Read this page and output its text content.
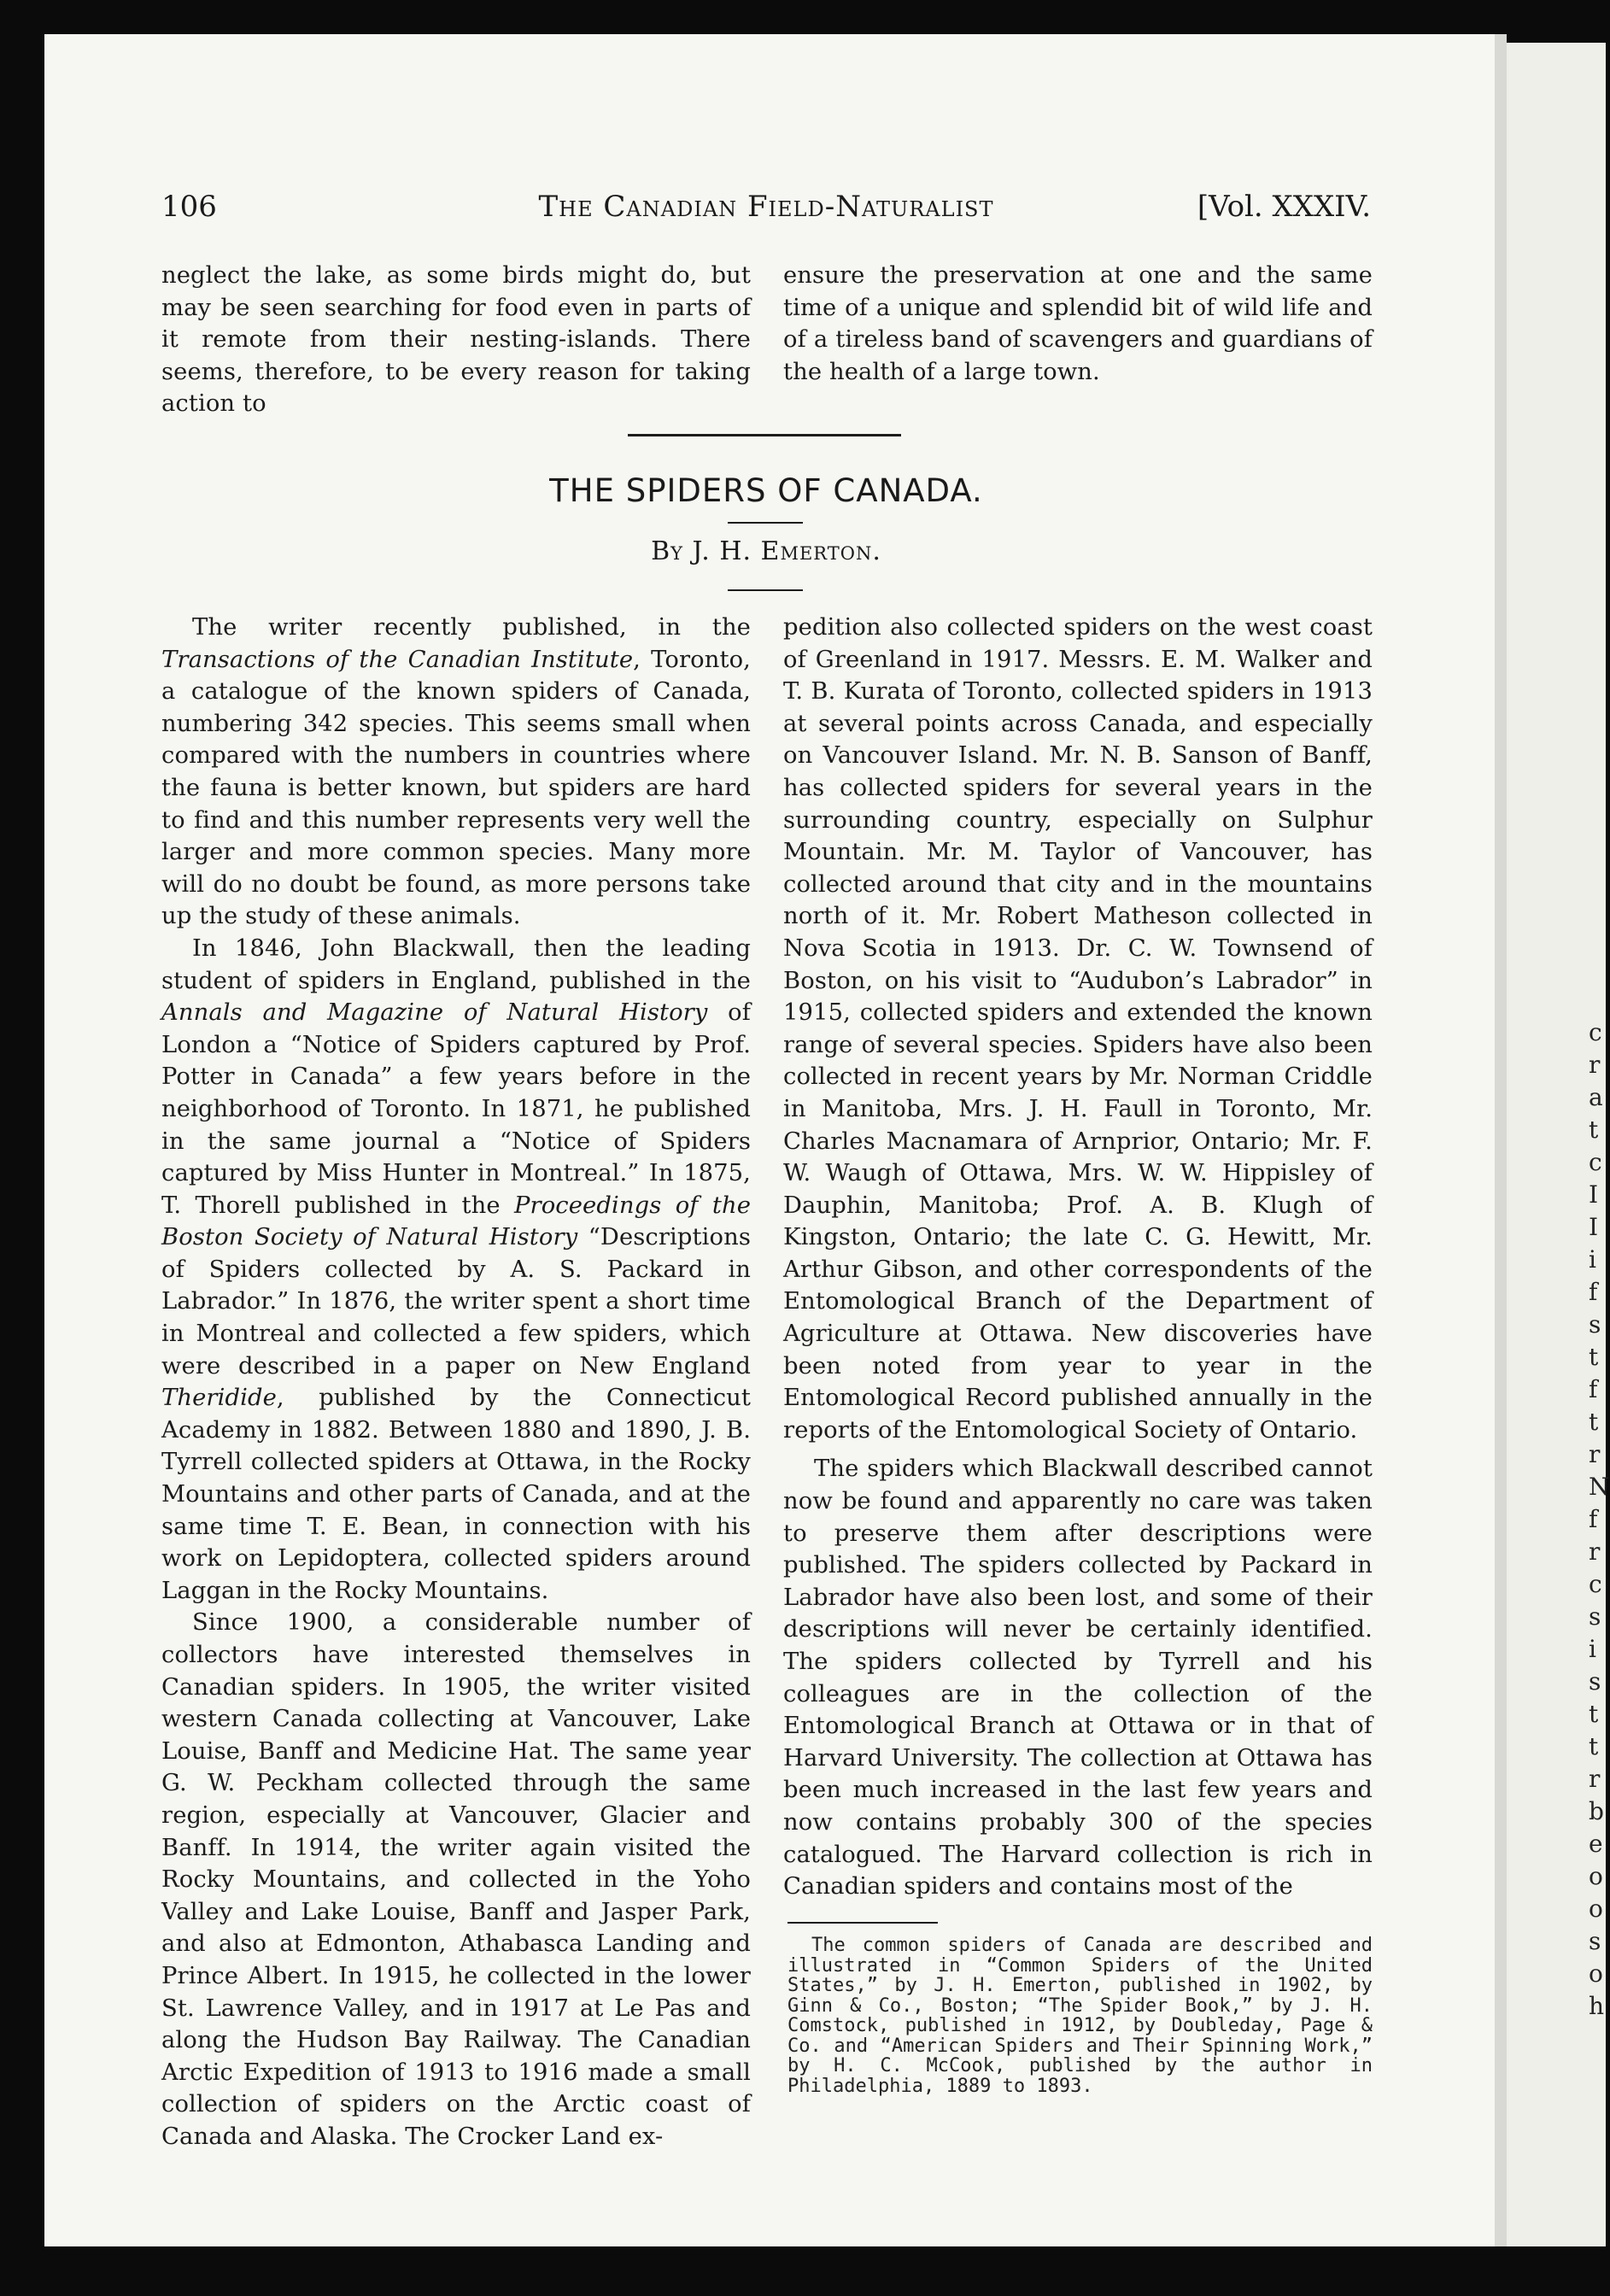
106	The Canadian Field-Naturalist	[Vol. XXXIV.

neglect the lake, as some birds might do, but may be seen searching for food even in parts of it remote from their nesting-islands. There seems, therefore, to be every reason for taking action to

ensure the preservation at one and the same time of a unique and splendid bit of wild life and of a tireless band of scavengers and guardians of the health of a large town.

THE SPIDERS OF CANADA.
By J. H. Emerton.

The writer recently published, in the Transactions of the Canadian Institute, Toronto, a catalogue of the known spiders of Canada, numbering 342 species. This seems small when compared with the numbers in countries where the fauna is better known, but spiders are hard to find and this number represents very well the larger and more common species. Many more will do no doubt be found, as more persons take up the study of these animals.

In 1846, John Blackwall, then the leading student of spiders in England, published in the Annals and Magazine of Natural History of London a “Notice of Spiders captured by Prof. Potter in Canada” a few years before in the neighborhood of Toronto. In 1871, he published in the same journal a “Notice of Spiders captured by Miss Hunter in Montreal.” In 1875, T. Thorell published in the Proceedings of the Boston Society of Natural History “Descriptions of Spiders collected by A. S. Packard in Labrador.” In 1876, the writer spent a short time in Montreal and collected a few spiders, which were described in a paper on New England Theridide, published by the Connecticut Academy in 1882. Between 1880 and 1890, J. B. Tyrrell collected spiders at Ottawa, in the Rocky Mountains and other parts of Canada, and at the same time T. E. Bean, in connection with his work on Lepidoptera, collected spiders around Laggan in the Rocky Mountains.

Since 1900, a considerable number of collectors have interested themselves in Canadian spiders. In 1905, the writer visited western Canada collecting at Vancouver, Lake Louise, Banff and Medicine Hat. The same year G. W. Peckham collected through the same region, especially at Vancouver, Glacier and Banff. In 1914, the writer again visited the Rocky Mountains, and collected in the Yoho Valley and Lake Louise, Banff and Jasper Park, and also at Edmonton, Athabasca Landing and Prince Albert. In 1915, he collected in the lower St. Lawrence Valley, and in 1917 at Le Pas and along the Hudson Bay Railway. The Canadian Arctic Expedition of 1913 to 1916 made a small collection of spiders on the Arctic coast of Canada and Alaska. The Crocker Land ex-

pedition also collected spiders on the west coast of Greenland in 1917. Messrs. E. M. Walker and T. B. Kurata of Toronto, collected spiders in 1913 at several points across Canada, and especially on Vancouver Island. Mr. N. B. Sanson of Banff, has collected spiders for several years in the surrounding country, especially on Sulphur Mountain. Mr. M. Taylor of Vancouver, has collected around that city and in the mountains north of it. Mr. Robert Matheson collected in Nova Scotia in 1913. Dr. C. W. Townsend of Boston, on his visit to “Audubon’s Labrador” in 1915, collected spiders and extended the known range of several species. Spiders have also been collected in recent years by Mr. Norman Criddle in Manitoba, Mrs. J. H. Faull in Toronto, Mr. Charles Macnamara of Arnprior, Ontario; Mr. F. W. Waugh of Ottawa, Mrs. W. W. Hippisley of Dauphin, Manitoba; Prof. A. B. Klugh of Kingston, Ontario; the late C. G. Hewitt, Mr. Arthur Gibson, and other correspondents of the Entomological Branch of the Department of Agriculture at Ottawa. New discoveries have been noted from year to year in the Entomological Record published annually in the reports of the Entomological Society of Ontario.

The spiders which Blackwall described cannot now be found and apparently no care was taken to preserve them after descriptions were published. The spiders collected by Packard in Labrador have also been lost, and some of their descriptions will never be certainly identified. The spiders collected by Tyrrell and his colleagues are in the collection of the Entomological Branch at Ottawa or in that of Harvard University. The collection at Ottawa has been much increased in the last few years and now contains probably 300 of the species catalogued. The Harvard collection is rich in Canadian spiders and contains most of the

The common spiders of Canada are described and illustrated in “Common Spiders of the United States,” by J. H. Emerton, published in 1902, by Ginn & Co., Boston; “The Spider Book,” by J. H. Comstock, published in 1912, by Doubleday, Page & Co. and “American Spiders and Their Spinning Work,” by H. C. McCook, published by the author in Philadelphia, 1889 to 1893.

c
r
a
t
c
I
I
i
f
s
t
f
t
r
N
f
r
c
s
i
s
t
t
r
b
e
o
o
s
o
h
